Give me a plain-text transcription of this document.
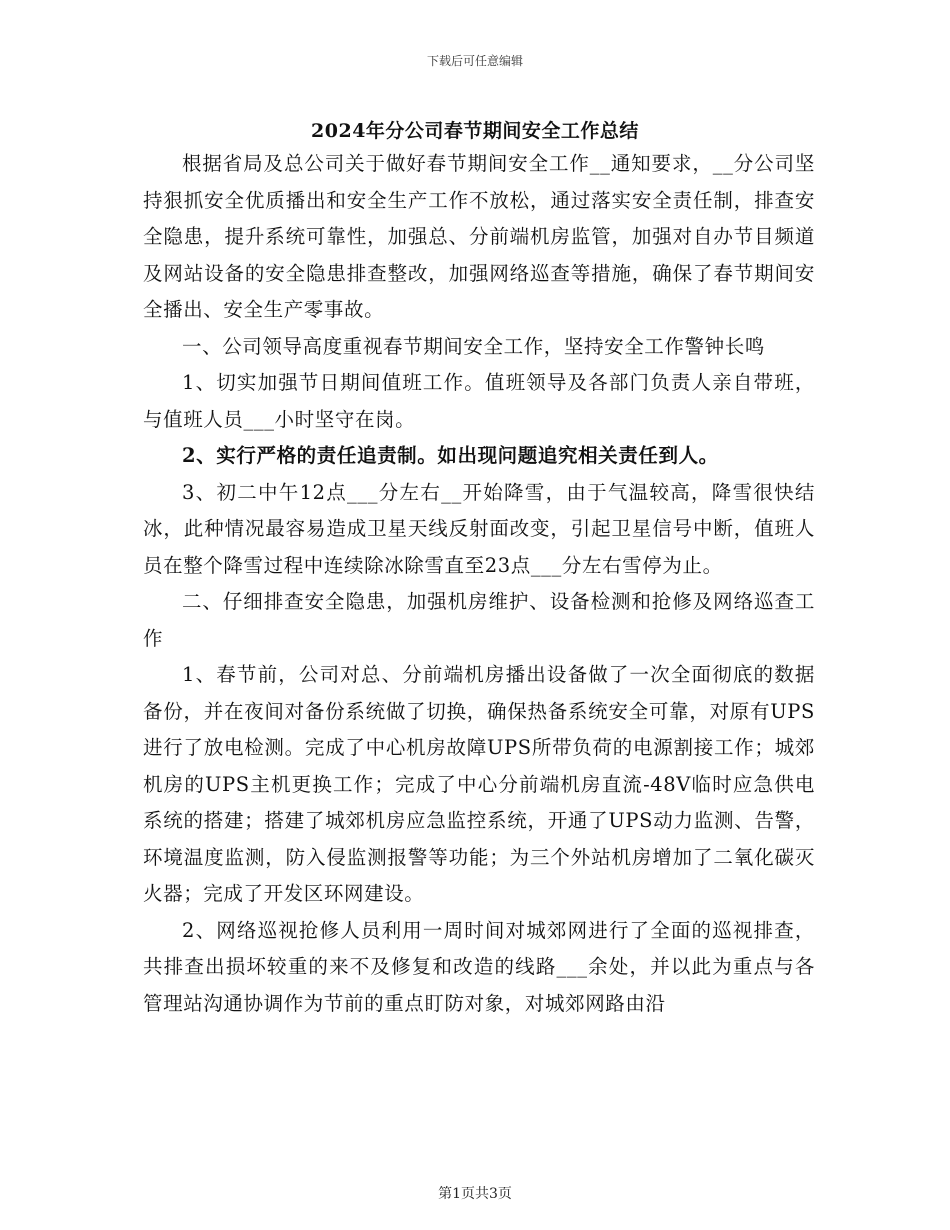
下载后可任意编辑
2024年分公司春节期间安全工作总结

根据省局及总公司关于做好春节期间安全工作__通知要求，__分公司坚持狠抓安全优质播出和安全生产工作不放松，通过落实安全责任制，排查安全隐患，提升系统可靠性，加强总、分前端机房监管，加强对自办节目频道及网站设备的安全隐患排查整改，加强网络巡查等措施，确保了春节期间安全播出、安全生产零事故。

一、公司领导高度重视春节期间安全工作，坚持安全工作警钟长鸣

1、切实加强节日期间值班工作。值班领导及各部门负责人亲自带班，与值班人员___小时坚守在岗。

2、实行严格的责任追责制。如出现问题追究相关责任到人。

3、初二中午12点___分左右__开始降雪，由于气温较高，降雪很快结冰，此种情况最容易造成卫星天线反射面改变，引起卫星信号中断，值班人员在整个降雪过程中连续除冰除雪直至23点___分左右雪停为止。

二、仔细排查安全隐患，加强机房维护、设备检测和抢修及网络巡查工作

1、春节前，公司对总、分前端机房播出设备做了一次全面彻底的数据备份，并在夜间对备份系统做了切换，确保热备系统安全可靠，对原有UPS进行了放电检测。完成了中心机房故障UPS所带负荷的电源割接工作；城郊机房的UPS主机更换工作；完成了中心分前端机房直流-48V临时应急供电系统的搭建；搭建了城郊机房应急监控系统，开通了UPS动力监测、告警，环境温度监测，防入侵监测报警等功能；为三个外站机房增加了二氧化碳灭火器；完成了开发区环网建设。

2、网络巡视抢修人员利用一周时间对城郊网进行了全面的巡视排查，共排查出损坏较重的来不及修复和改造的线路___余处，并以此为重点与各管理站沟通协调作为节前的重点盯防对象，对城郊网路由沿

第1页共3页
